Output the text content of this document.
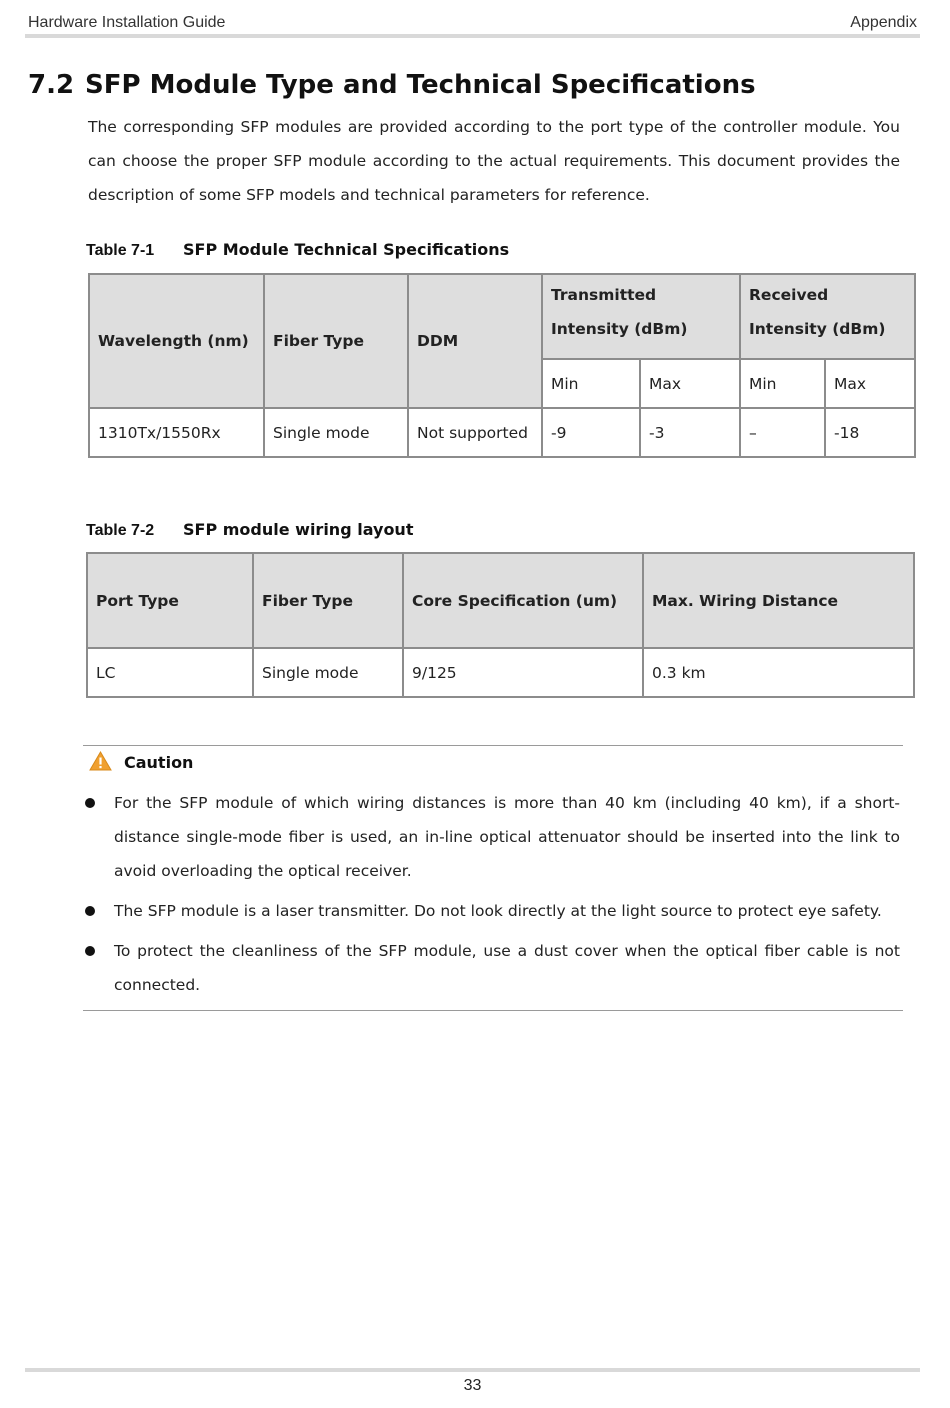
Hardware Installation Guide	Appendix
7.2 SFP Module Type and Technical Specifications

The corresponding SFP modules are provided according to the port type of the controller module. You can choose the proper SFP module according to the actual requirements. This document provides the description of some SFP models and technical parameters for reference.

Table 7-1 SFP Module Technical Specifications
Wavelength (nm)	Fiber Type	DDM	Transmitted Intensity (dBm)		Received Intensity (dBm)	
			Min	Max	Min	Max
1310Tx/1550Rx	Single mode	Not supported	-9	-3	–	-18
Table 7-2 SFP module wiring layout
Port Type	Fiber Type	Core Specification (um)	Max. Wiring Distance
LC	Single mode	9/125	0.3 km
Caution
For the SFP module of which wiring distances is more than 40 km (including 40 km), if a short-distance single-mode fiber is used, an in-line optical attenuator should be inserted into the link to avoid overloading the optical receiver.
The SFP module is a laser transmitter. Do not look directly at the light source to protect eye safety.
To protect the cleanliness of the SFP module, use a dust cover when the optical fiber cable is not connected.
33
